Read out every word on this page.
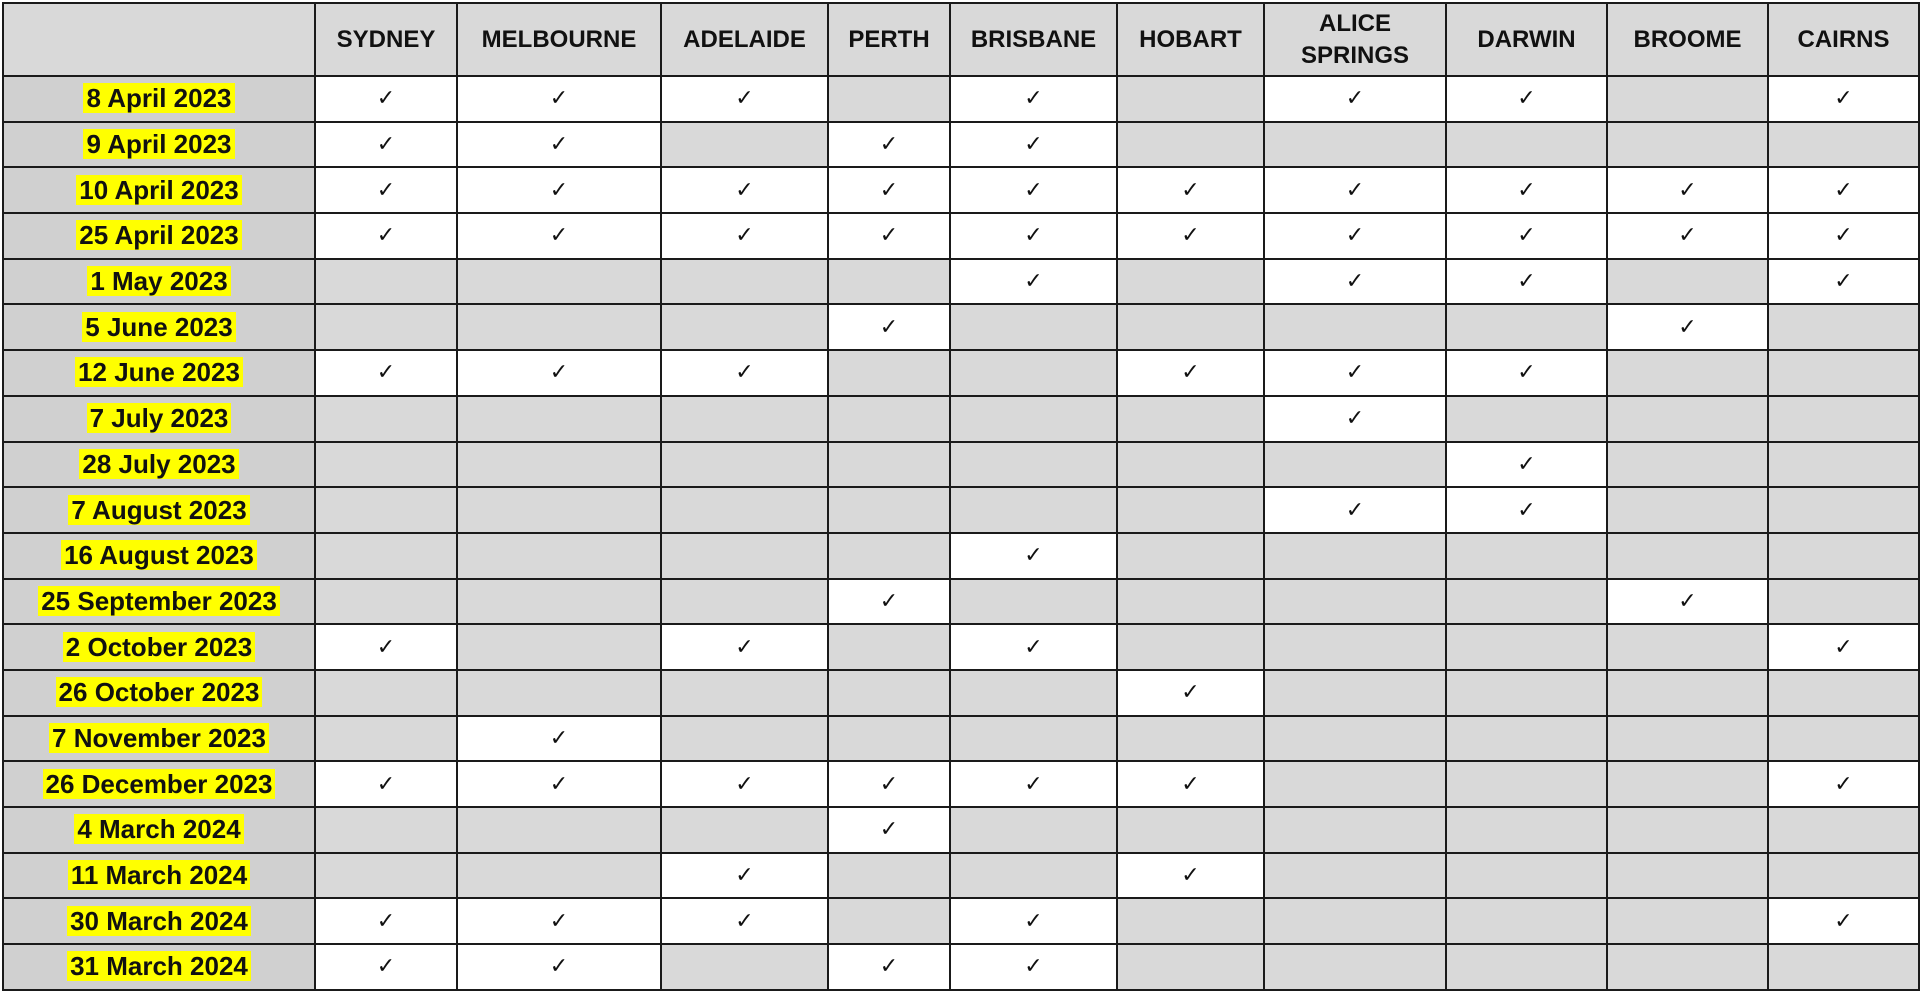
	SYDNEY	MELBOURNE	ADELAIDE	PERTH	BRISBANE	HOBART	ALICE SPRINGS	DARWIN	BROOME	CAIRNS
8 April 2023	✓	✓	✓		✓		✓	✓		✓
9 April 2023	✓	✓		✓	✓					
10 April 2023	✓	✓	✓	✓	✓	✓	✓	✓	✓	✓
25 April 2023	✓	✓	✓	✓	✓	✓	✓	✓	✓	✓
1 May 2023					✓		✓	✓		✓
5 June 2023				✓					✓	
12 June 2023	✓	✓	✓			✓	✓	✓		
7 July 2023							✓			
28 July 2023								✓		
7 August 2023							✓	✓		
16 August 2023					✓					
25 September 2023				✓					✓	
2 October 2023	✓		✓		✓					✓
26 October 2023						✓				
7 November 2023		✓								
26 December 2023	✓	✓	✓	✓	✓	✓				✓
4 March 2024				✓						
11 March 2024			✓			✓				
30 March 2024	✓	✓	✓		✓					✓
31 March 2024	✓	✓		✓	✓					
